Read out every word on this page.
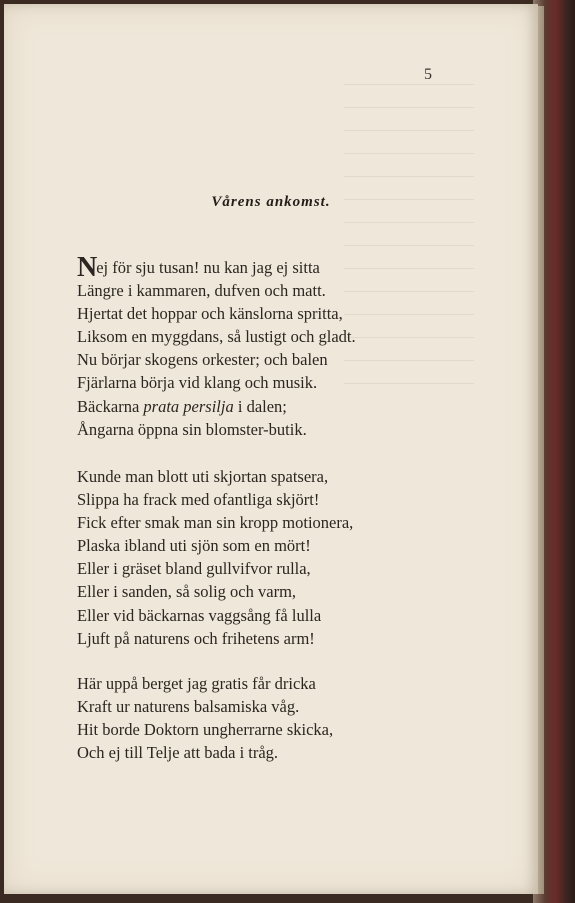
5
Vårens ankomst.
Nej för sju tusan! nu kan jag ej sitta
Längre i kammaren, dufven och matt.
Hjertat det hoppar och känslorna spritta,
Liksom en myggdans, så lustigt och gladt.
Nu börjar skogens orkester; och balen
Fjärlarna börja vid klang och musik.
Bäckarna prata persilja i dalen;
Ångarna öppna sin blomster-butik.
Kunde man blott uti skjortan spatsera,
Slippa ha frack med ofantliga skjört!
Fick efter smak man sin kropp motionera,
Plaska ibland uti sjön som en mört!
Eller i gräset bland gullvifvor rulla,
Eller i sanden, så solig och varm,
Eller vid bäckarnas vaggsång få lulla
Ljuft på naturens och frihetens arm!
Här uppå berget jag gratis får dricka
Kraft ur naturens balsamiska våg.
Hit borde Doktorn ungherrarne skicka,
Och ej till Telje att bada i tråg.
